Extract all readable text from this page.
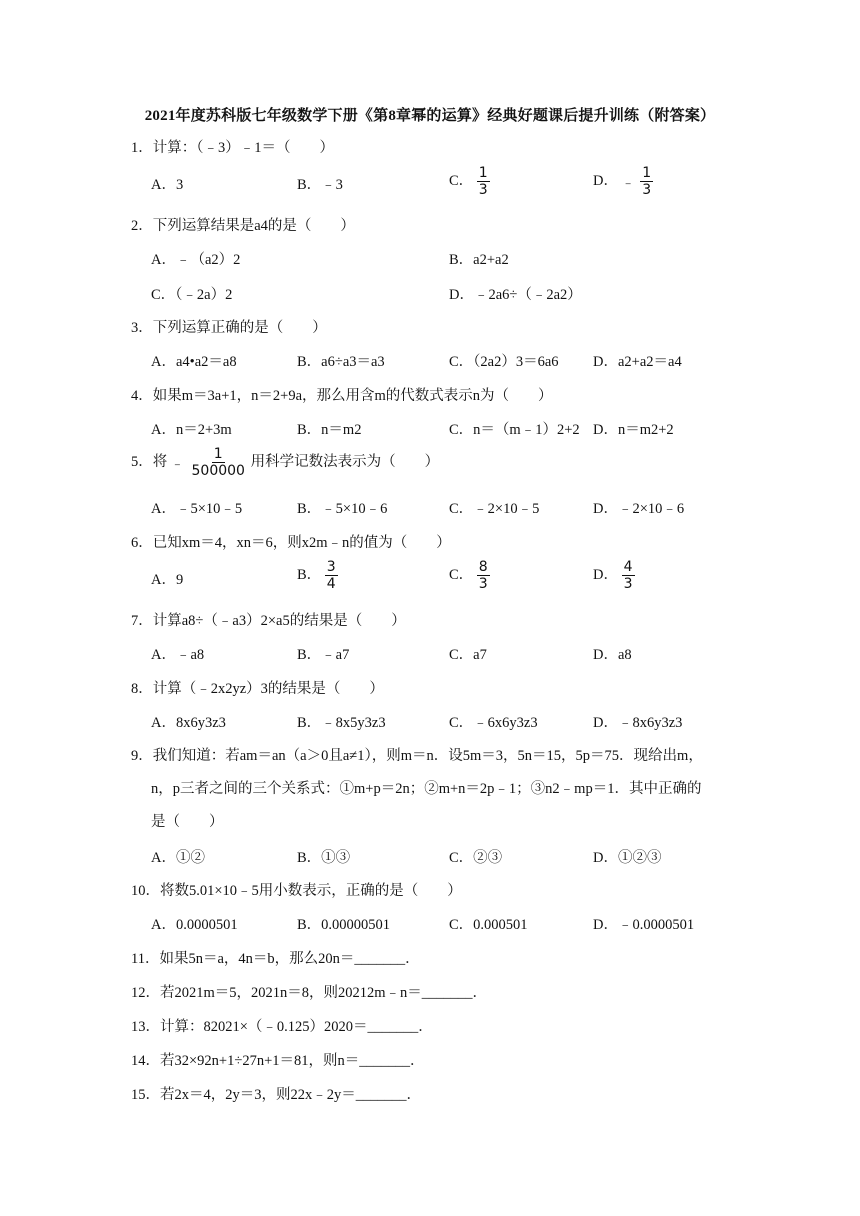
2021年度苏科版七年级数学下册《第8章幂的运算》经典好题课后提升训练（附答案）
1．计算：（﹣3）﹣1＝（　　）
A．3	B．﹣3	C． $\frac{1}{3}$	D． ﹣ $\frac{1}{3}$
2．下列运算结果是a4的是（　　）
A．﹣（a2）2	B．a2+a2
C．（﹣2a）2	D．﹣2a6÷（﹣2a2）
3．下列运算正确的是（　　）
A．a4•a2＝a8	B．a6÷a3＝a3	C．（2a2）3＝6a6 D．a2+a2＝a4
4．如果m＝3a+1，n＝2+9a，那么用含m的代数式表示n为（　　）
A．n＝2+3m	B．n＝m2	C．n＝（m﹣1）2+2 D．n＝m2+2
5．将 ﹣ $\frac{1}{500000}$ 用科学记数法表示为（　　）
A．﹣5×10﹣5	B．﹣5×10﹣6	C．﹣2×10﹣5	D．﹣2×10﹣6
6．已知xm＝4，xn＝6，则x2m﹣n的值为（　　）
A．9	B． $\frac{3}{4}$	C． $\frac{8}{3}$	D． $\frac{4}{3}$
7．计算a8÷（﹣a3）2×a5的结果是（　　）
A．﹣a8	B．﹣a7	C．a7	D．a8
8．计算（﹣2x2yz）3的结果是（　　）
A．8x6y3z3	B．﹣8x5y3z3	C．﹣6x6y3z3	D．﹣8x6y3z3
9．我们知道：若am＝an（a＞0且a≠1），则m＝n．设5m＝3，5n＝15，5p＝75．现给出m，
n，p三者之间的三个关系式：①m+p＝2n；②m+n＝2p﹣1；③n2﹣mp＝1．其中正确的
是（　　）
A．①②	B．①③	C．②③	D．①②③
10．将数5.01×10﹣5用小数表示，正确的是（　　）
A．0.0000501	B．0.00000501	C．0.000501	D．﹣0.0000501
11．如果5n＝a，4n＝b，那么20n＝_______．
12．若2021m＝5，2021n＝8，则20212m﹣n＝_______．
13．计算：82021×（﹣0.125）2020＝_______．
14．若32×92n+1÷27n+1＝81，则n＝_______．
15．若2x＝4，2y＝3，则22x﹣2y＝_______．
